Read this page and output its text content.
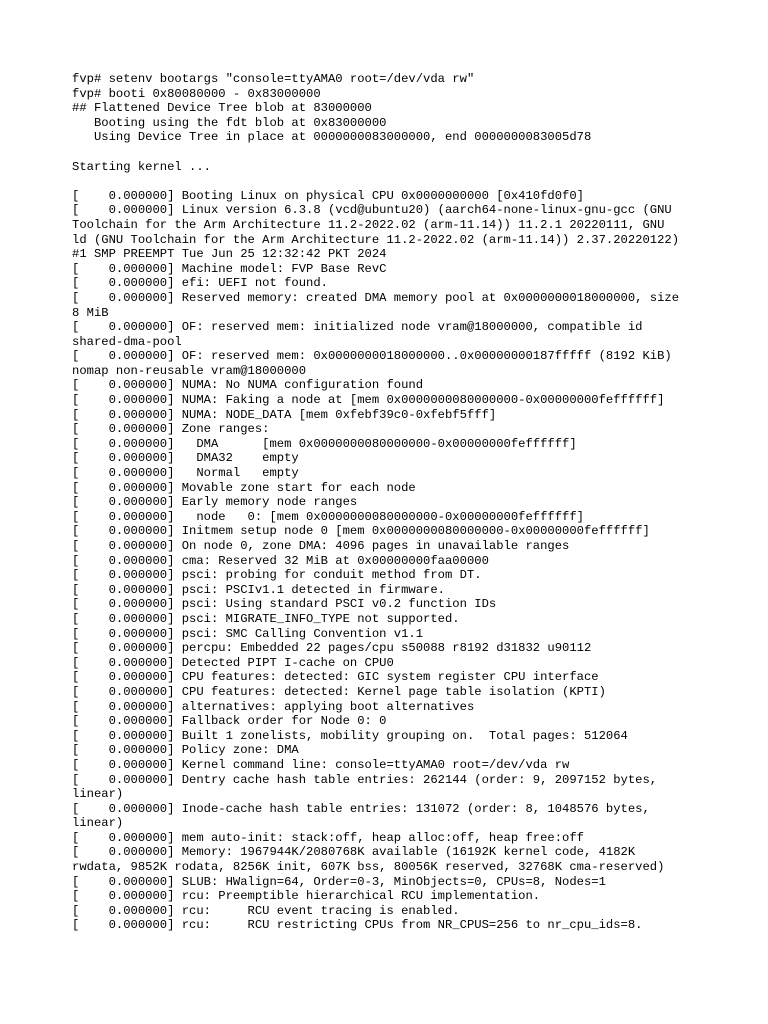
fvp# setenv bootargs "console=ttyAMA0 root=/dev/vda rw"
fvp# booti 0x80080000 - 0x83000000
## Flattened Device Tree blob at 83000000
Booting using the fdt blob at 0x83000000
Using Device Tree in place at 0000000083000000, end 0000000083005d78
Starting kernel ...
[    0.000000] Booting Linux on physical CPU 0x0000000000 [0x410fd0f0]
[    0.000000] Linux version 6.3.8 (vcd@ubuntu20) (aarch64-none-linux-gnu-gcc (GNU
Toolchain for the Arm Architecture 11.2-2022.02 (arm-11.14)) 11.2.1 20220111, GNU
ld (GNU Toolchain for the Arm Architecture 11.2-2022.02 (arm-11.14)) 2.37.20220122)
#1 SMP PREEMPT Tue Jun 25 12:32:42 PKT 2024
[    0.000000] Machine model: FVP Base RevC
[    0.000000] efi: UEFI not found.
[    0.000000] Reserved memory: created DMA memory pool at 0x0000000018000000, size
8 MiB
[    0.000000] OF: reserved mem: initialized node vram@18000000, compatible id
shared-dma-pool
[    0.000000] OF: reserved mem: 0x0000000018000000..0x00000000187fffff (8192 KiB)
nomap non-reusable vram@18000000
[    0.000000] NUMA: No NUMA configuration found
[    0.000000] NUMA: Faking a node at [mem 0x0000000080000000-0x00000000feffffff]
[    0.000000] NUMA: NODE_DATA [mem 0xfebf39c0-0xfebf5fff]
[    0.000000] Zone ranges:
[    0.000000]   DMA      [mem 0x0000000080000000-0x00000000feffffff]
[    0.000000]   DMA32    empty
[    0.000000]   Normal   empty
[    0.000000] Movable zone start for each node
[    0.000000] Early memory node ranges
[    0.000000]   node   0: [mem 0x0000000080000000-0x00000000feffffff]
[    0.000000] Initmem setup node 0 [mem 0x0000000080000000-0x00000000feffffff]
[    0.000000] On node 0, zone DMA: 4096 pages in unavailable ranges
[    0.000000] cma: Reserved 32 MiB at 0x00000000faa00000
[    0.000000] psci: probing for conduit method from DT.
[    0.000000] psci: PSCIv1.1 detected in firmware.
[    0.000000] psci: Using standard PSCI v0.2 function IDs
[    0.000000] psci: MIGRATE_INFO_TYPE not supported.
[    0.000000] psci: SMC Calling Convention v1.1
[    0.000000] percpu: Embedded 22 pages/cpu s50088 r8192 d31832 u90112
[    0.000000] Detected PIPT I-cache on CPU0
[    0.000000] CPU features: detected: GIC system register CPU interface
[    0.000000] CPU features: detected: Kernel page table isolation (KPTI)
[    0.000000] alternatives: applying boot alternatives
[    0.000000] Fallback order for Node 0: 0
[    0.000000] Built 1 zonelists, mobility grouping on.  Total pages: 512064
[    0.000000] Policy zone: DMA
[    0.000000] Kernel command line: console=ttyAMA0 root=/dev/vda rw
[    0.000000] Dentry cache hash table entries: 262144 (order: 9, 2097152 bytes,
linear)
[    0.000000] Inode-cache hash table entries: 131072 (order: 8, 1048576 bytes,
linear)
[    0.000000] mem auto-init: stack:off, heap alloc:off, heap free:off
[    0.000000] Memory: 1967944K/2080768K available (16192K kernel code, 4182K
rwdata, 9852K rodata, 8256K init, 607K bss, 80056K reserved, 32768K cma-reserved)
[    0.000000] SLUB: HWalign=64, Order=0-3, MinObjects=0, CPUs=8, Nodes=1
[    0.000000] rcu: Preemptible hierarchical RCU implementation.
[    0.000000] rcu:     RCU event tracing is enabled.
[    0.000000] rcu:     RCU restricting CPUs from NR_CPUS=256 to nr_cpu_ids=8.
